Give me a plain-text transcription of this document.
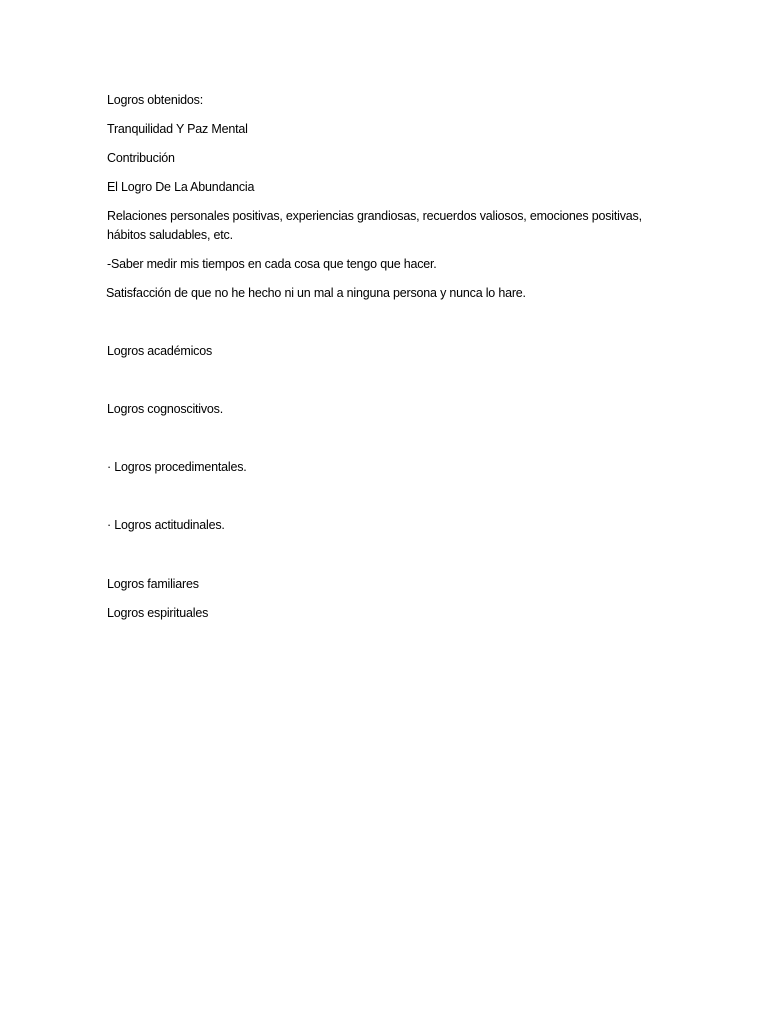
Logros obtenidos:
Tranquilidad Y Paz Mental
Contribución
El Logro De La Abundancia
Relaciones personales positivas, experiencias grandiosas, recuerdos valiosos, emociones positivas, hábitos saludables, etc.
-Saber medir mis tiempos en cada cosa que tengo que hacer.
Satisfacción de que no he hecho ni un mal a ninguna persona y nunca lo hare.
Logros académicos
Logros cognoscitivos.
· Logros procedimentales.
· Logros actitudinales.
Logros familiares
Logros espirituales
